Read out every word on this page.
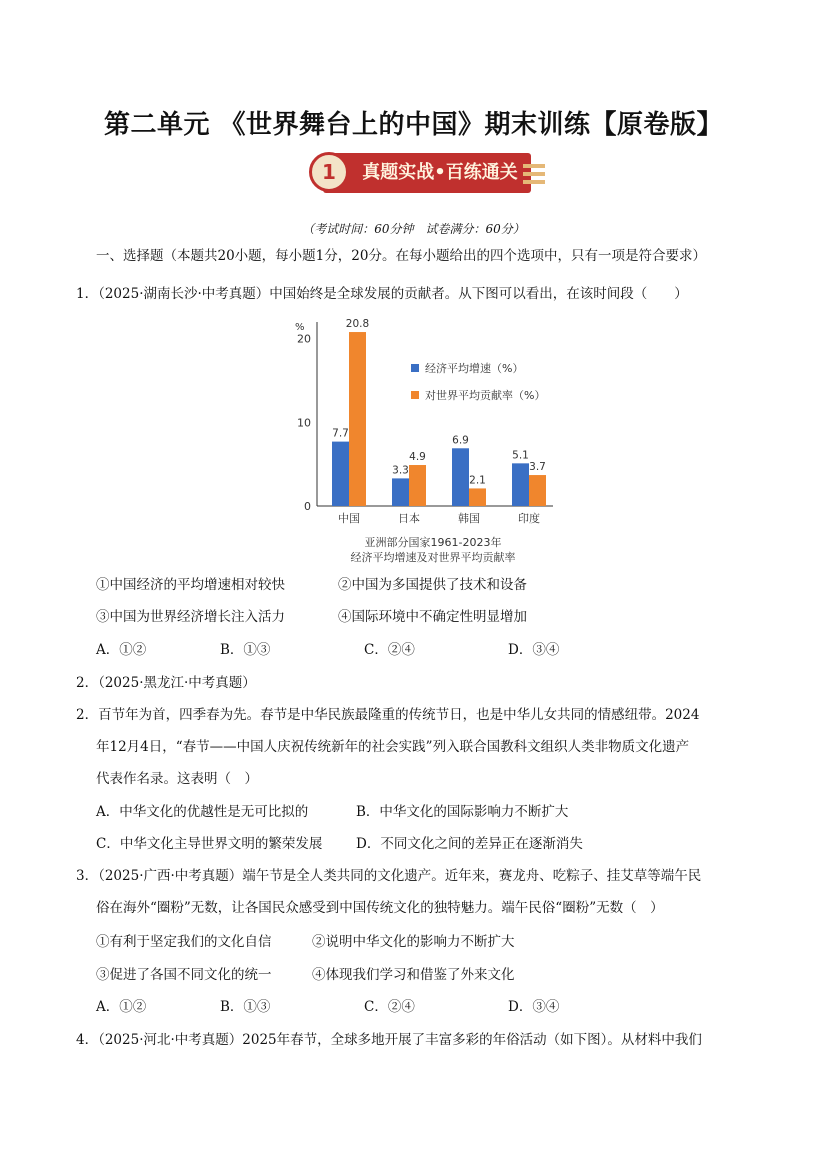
第二单元 《世界舞台上的中国》期末训练【原卷版】
1	真题实战•百练通关
（考试时间：60分钟　试卷满分：60分）
一、选择题（本题共20小题，每小题1分，20分。在每小题给出的四个选项中，只有一项是符合要求）
1．（2025·湖南长沙·中考真题）中国始终是全球发展的贡献者。从下图可以看出，在该时间段（　　）
%
0
10
20
7.7
20.8
中国
3.3
4.9
日本
6.9
2.1
韩国
5.1
3.7
印度
经济平均增速（%）
对世界平均贡献率（%）
亚洲部分国家1961-2023年
经济平均增速及对世界平均贡献率
①中国经济的平均增速相对较快	②中国为多国提供了技术和设备
③中国为世界经济增长注入活力	④国际环境中不确定性明显增加
A．①②	B．①③	C．②④	D．③④
2．（2025·黑龙江·中考真题）
2．百节年为首，四季春为先。春节是中华民族最隆重的传统节日，也是中华儿女共同的情感纽带。2024
年12月4日，“春节——中国人庆祝传统新年的社会实践”列入联合国教科文组织人类非物质文化遗产
代表作名录。这表明（　）
A．中华文化的优越性是无可比拟的	B．中华文化的国际影响力不断扩大
C．中华文化主导世界文明的繁荣发展 D．不同文化之间的差异正在逐渐消失
3．（2025·广西·中考真题）端午节是全人类共同的文化遗产。近年来，赛龙舟、吃粽子、挂艾草等端午民
俗在海外“圈粉”无数，让各国民众感受到中国传统文化的独特魅力。端午民俗“圈粉”无数（　）
①有利于坚定我们的文化自信	②说明中华文化的影响力不断扩大
③促进了各国不同文化的统一	④体现我们学习和借鉴了外来文化
A．①②	B．①③	C．②④	D．③④
4．（2025·河北·中考真题）2025年春节，全球多地开展了丰富多彩的年俗活动（如下图）。从材料中我们
